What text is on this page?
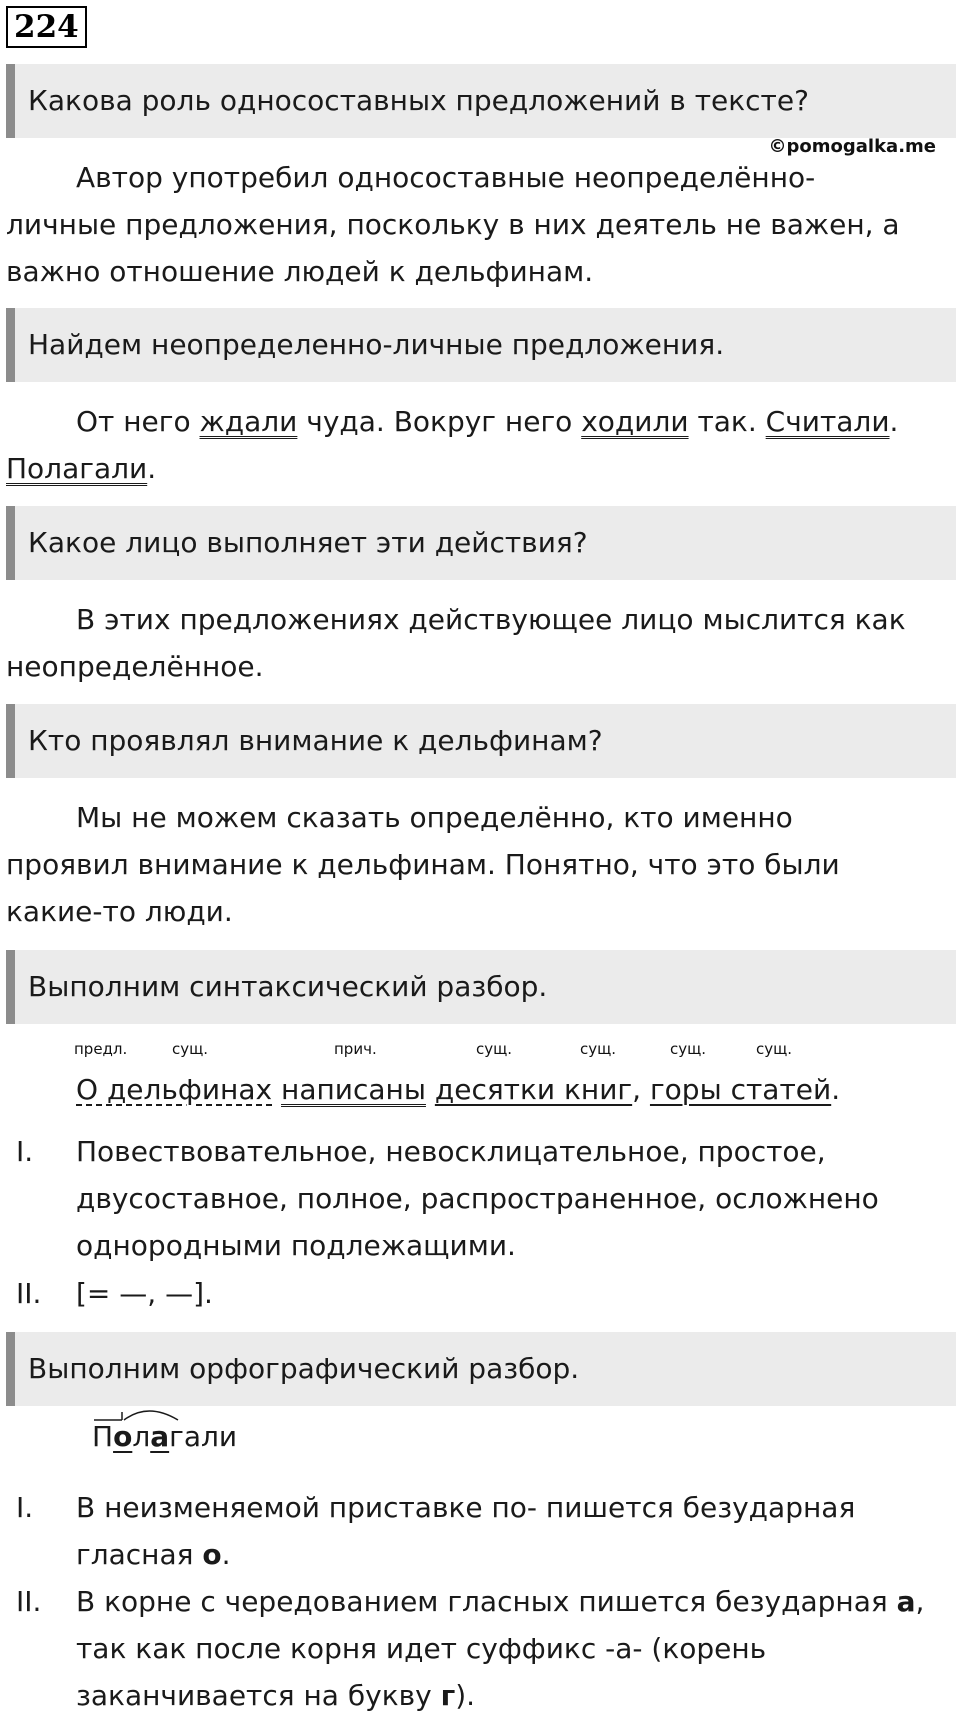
224
Какова роль односоставных предложений в тексте?
©pomogalka.me
Автор употребил односоставные неопределённо-
личные предложения, поскольку в них деятель не важен, а
важно отношение людей к дельфинам.
Найдем неопределенно-личные предложения.
От него ждали чуда. Вокруг него ходили так. Считали.
Полагали.
Какое лицо выполняет эти действия?
В этих предложениях действующее лицо мыслится как
неопределённое.
Кто проявлял внимание к дельфинам?
Мы не можем сказать определённо, кто именно
проявил внимание к дельфинам. Понятно, что это были
какие-то люди.
Выполним синтаксический разбор.
предл.	сущ.	прич.	сущ.	сущ.	сущ.	сущ.
О дельфинах написаны десятки книг, горы статей.
I.	Повествовательное, невосклицательное, простое,
двусоставное, полное, распространенное, осложнено
однородными подлежащими.
II.	[= —, —].
Выполним орфографический разбор.
Полагали
I.	В неизменяемой приставке по- пишется безударная
гласная о.
II.	В корне с чередованием гласных пишется безударная а,
так как после корня идет суффикс -а- (корень
заканчивается на букву г).
